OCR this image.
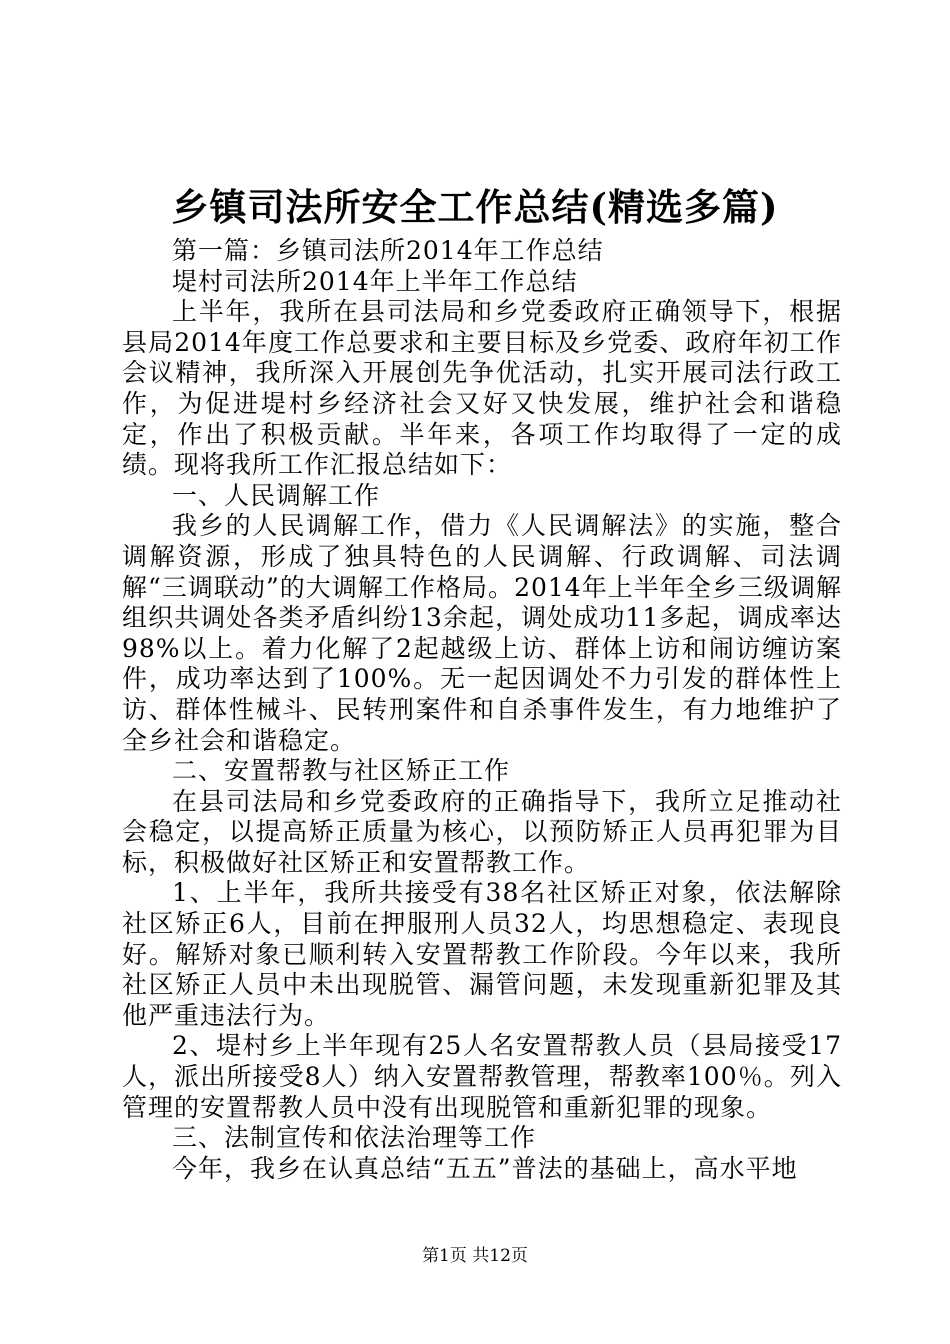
乡镇司法所安全工作总结(精选多篇)

第一篇：乡镇司法所2014年工作总结

堤村司法所2014年上半年工作总结

上半年，我所在县司法局和乡党委政府正确领导下，根据县局2014年度工作总要求和主要目标及乡党委、政府年初工作会议精神，我所深入开展创先争优活动，扎实开展司法行政工作，为促进堤村乡经济社会又好又快发展，维护社会和谐稳定，作出了积极贡献。半年来，各项工作均取得了一定的成绩。现将我所工作汇报总结如下：

一、人民调解工作

我乡的人民调解工作，借力《人民调解法》的实施，整合调解资源，形成了独具特色的人民调解、行政调解、司法调解“三调联动”的大调解工作格局。2014年上半年全乡三级调解组织共调处各类矛盾纠纷13余起，调处成功11多起，调成率达98%以上。着力化解了2起越级上访、群体上访和闹访缠访案件，成功率达到了100%。无一起因调处不力引发的群体性上访、群体性械斗、民转刑案件和自杀事件发生，有力地维护了全乡社会和谐稳定。

二、安置帮教与社区矫正工作

在县司法局和乡党委政府的正确指导下，我所立足推动社会稳定，以提高矫正质量为核心，以预防矫正人员再犯罪为目标，积极做好社区矫正和安置帮教工作。

1、上半年，我所共接受有38名社区矫正对象，依法解除社区矫正6人，目前在押服刑人员32人，均思想稳定、表现良好。解矫对象已顺利转入安置帮教工作阶段。今年以来，我所社区矫正人员中未出现脱管、漏管问题，未发现重新犯罪及其他严重违法行为。

2、堤村乡上半年现有25人名安置帮教人员（县局接受17人，派出所接受8人）纳入安置帮教管理，帮教率100％。列入管理的安置帮教人员中没有出现脱管和重新犯罪的现象。

三、法制宣传和依法治理等工作

今年，我乡在认真总结“五五”普法的基础上，高水平地

第1页 共12页
